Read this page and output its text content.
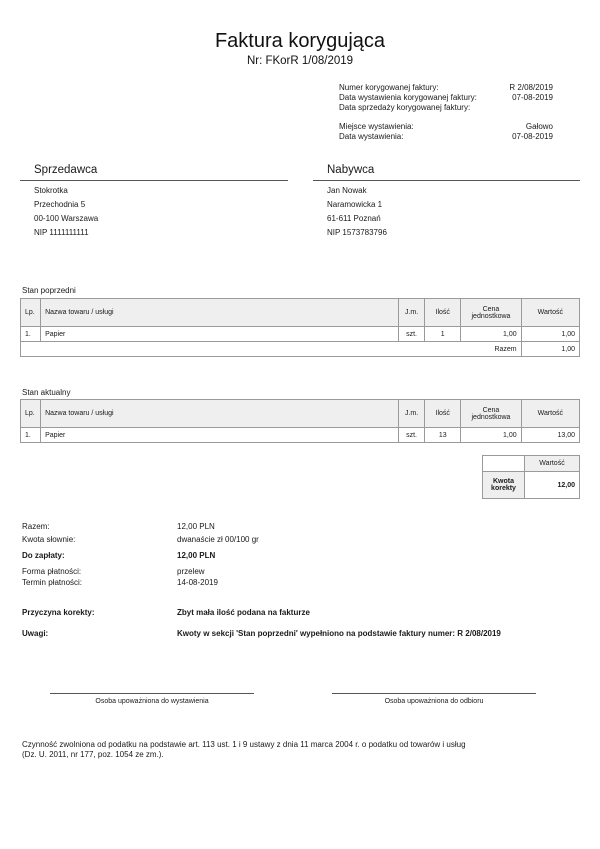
Faktura korygująca
Nr: FKorR 1/08/2019
Numer korygowanej faktury:	R 2/08/2019
Data wystawienia korygowanej faktury:	07-08-2019
Data sprzedaży korygowanej faktury:
Miejsce wystawienia:	Gałowo
Data wystawienia:	07-08-2019
Sprzedawca
Stokrotka
Przechodnia 5
00-100 Warszawa
NIP 1111111111
Nabywca
Jan Nowak
Naramowicka 1
61-611 Poznań
NIP 1573783796
Stan poprzedni
Lp.	Nazwa towaru / usługi	J.m.	Ilość	Cena jednostkowa	Wartość
1.	Papier	szt.	1	1,00	1,00
Razem					1,00
Stan aktualny
Lp.	Nazwa towaru / usługi	J.m.	Ilość	Cena jednostkowa	Wartość
1.	Papier	szt.	13	1,00	13,00
	Wartość
Kwota korekty	12,00
Razem:	12,00 PLN
Kwota słownie:	dwanaście zł 00/100 gr
Do zapłaty:	12,00 PLN
Forma płatności:	przelew
Termin płatności:	14-08-2019
Przyczyna korekty:	Zbyt mała ilość podana na fakturze
Uwagi:	Kwoty w sekcji 'Stan poprzedni' wypełniono na podstawie faktury numer: R 2/08/2019
Osoba upoważniona do wystawienia	Osoba upoważniona do odbioru
Czynność zwolniona od podatku na podstawie art. 113 ust. 1 i 9 ustawy z dnia 11 marca 2004 r. o podatku od towarów i usług
(Dz. U. 2011, nr 177, poz. 1054 ze zm.).
